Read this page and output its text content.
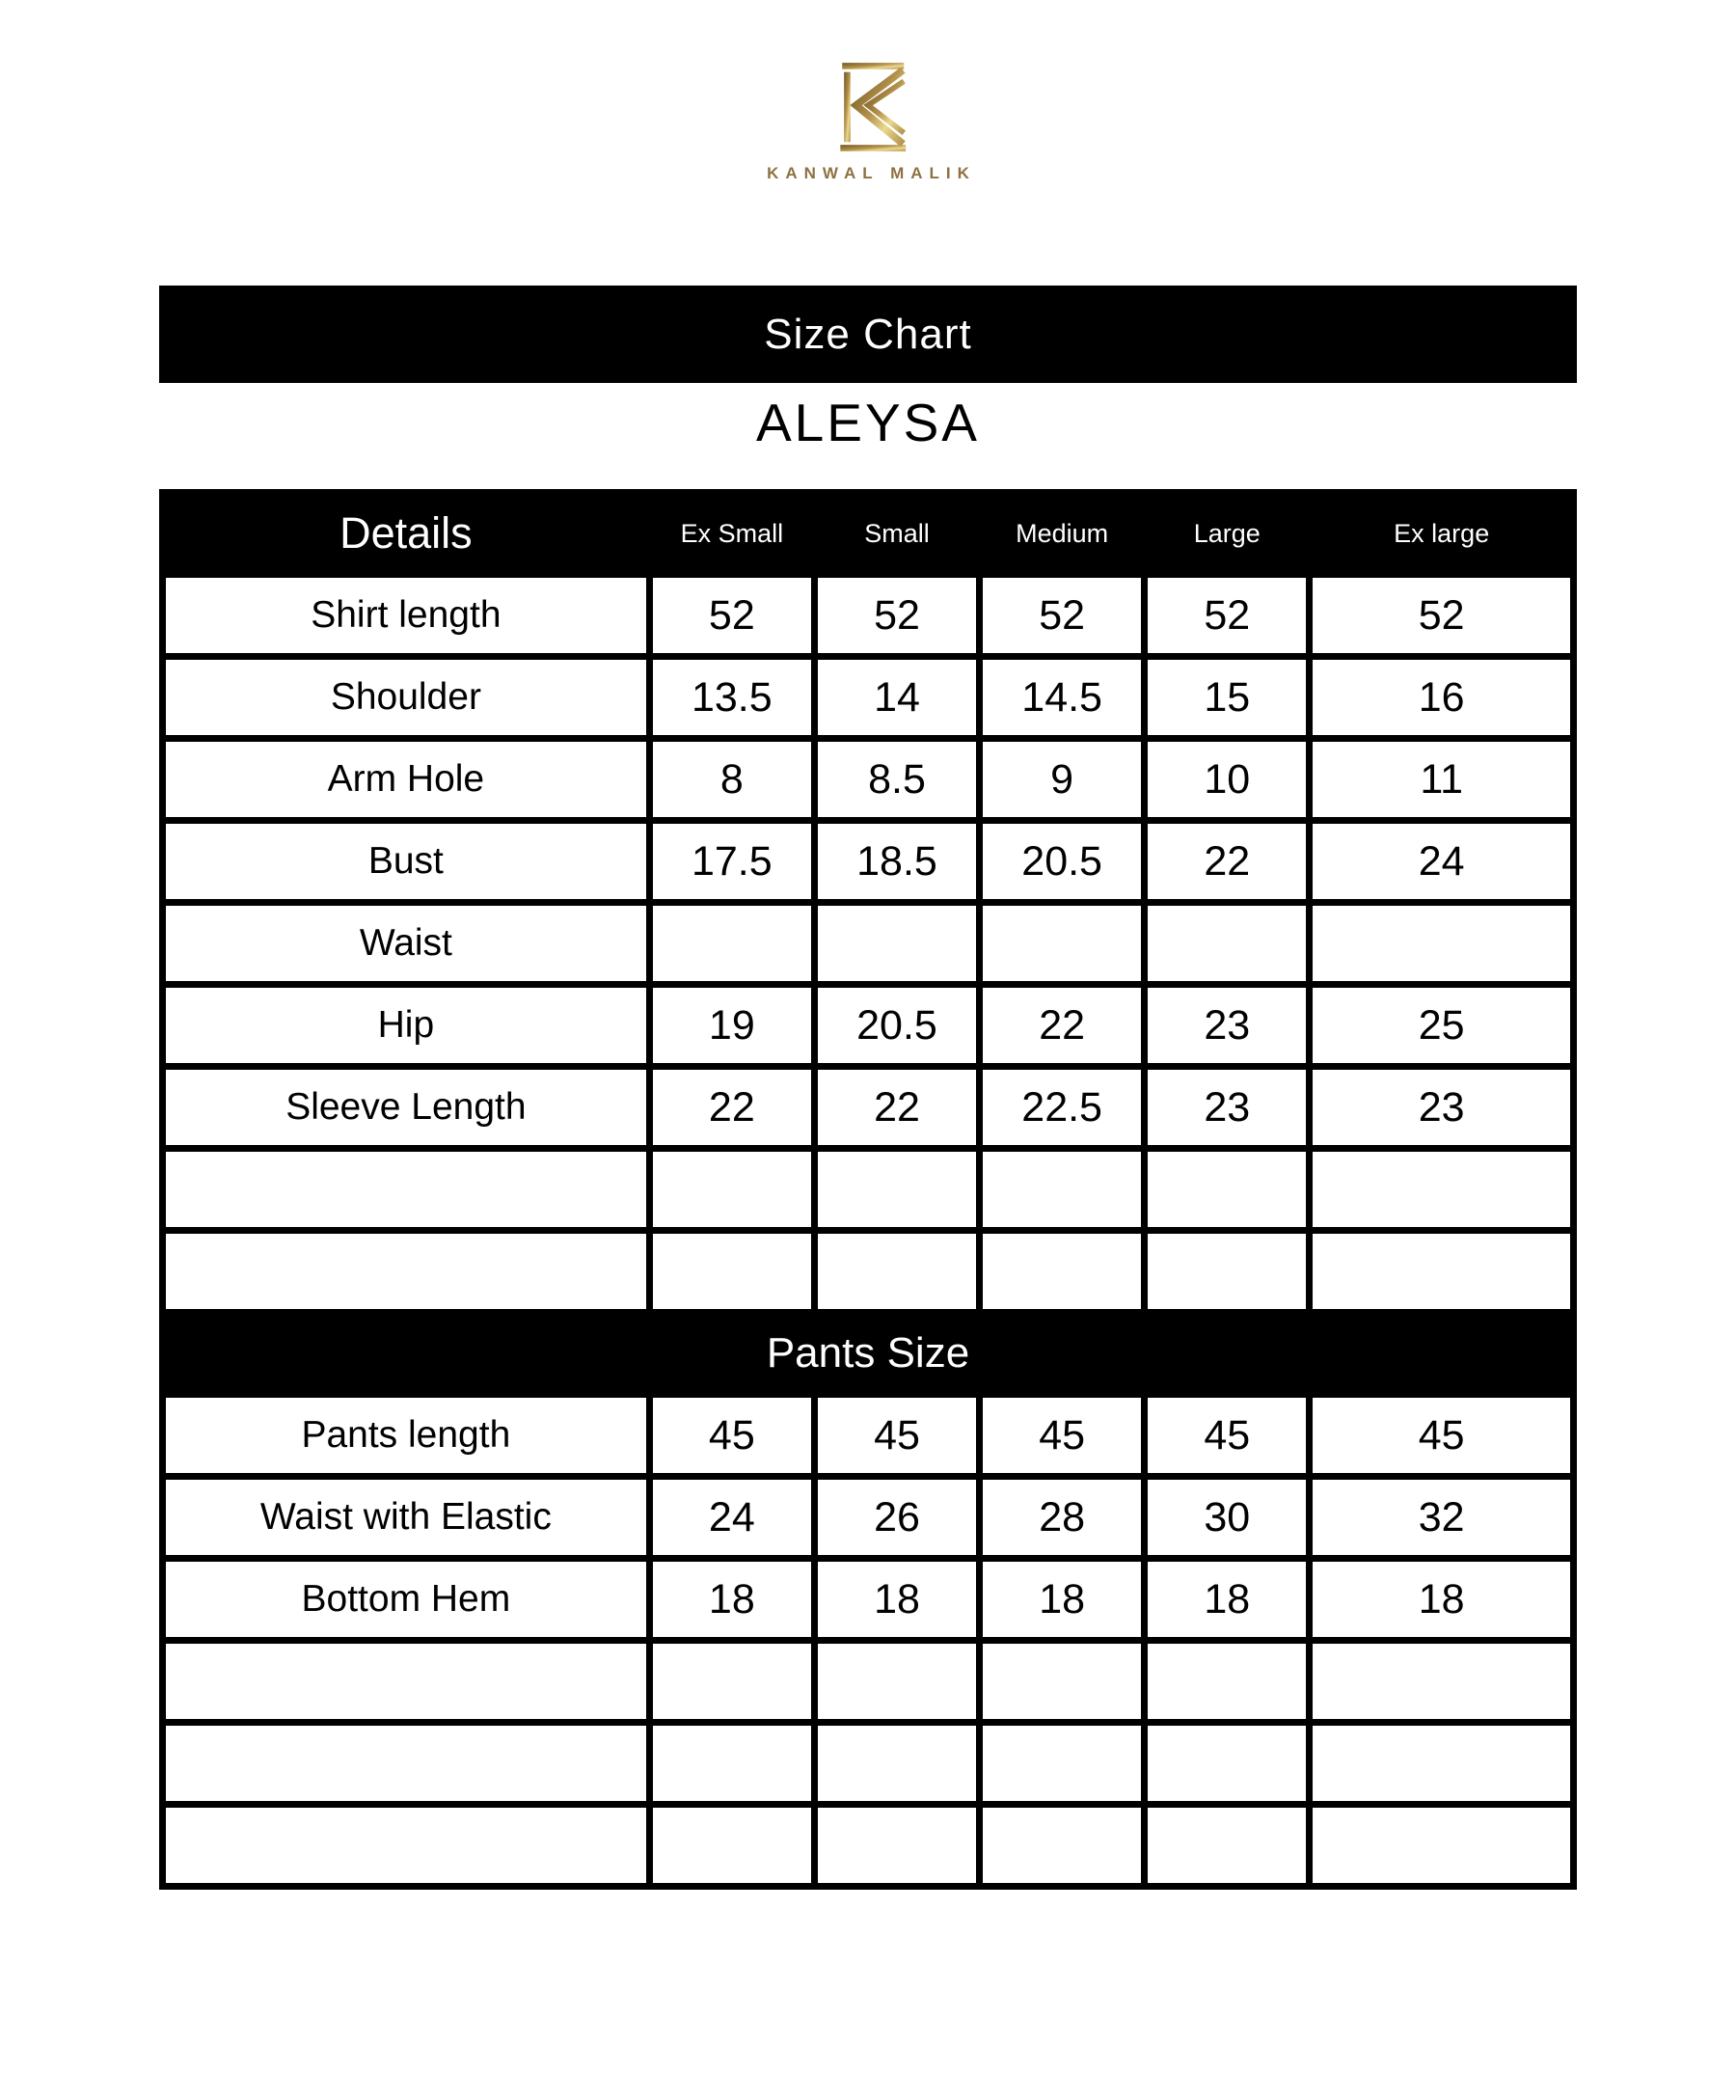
KANWAL MALIK
Size Chart
ALEYSA
Details	Ex Small	Small	Medium	Large	Ex large
Shirt length	52	52	52	52	52
Shoulder	13.5	14	14.5	15	16
Arm Hole	8	8.5	9	10	11
Bust	17.5	18.5	20.5	22	24
Waist					
Hip	19	20.5	22	23	25
Sleeve Length	22	22	22.5	23	23

Pants Size					
Pants length	45	45	45	45	45
Waist with Elastic	24	26	28	30	32
Bottom Hem	18	18	18	18	18
